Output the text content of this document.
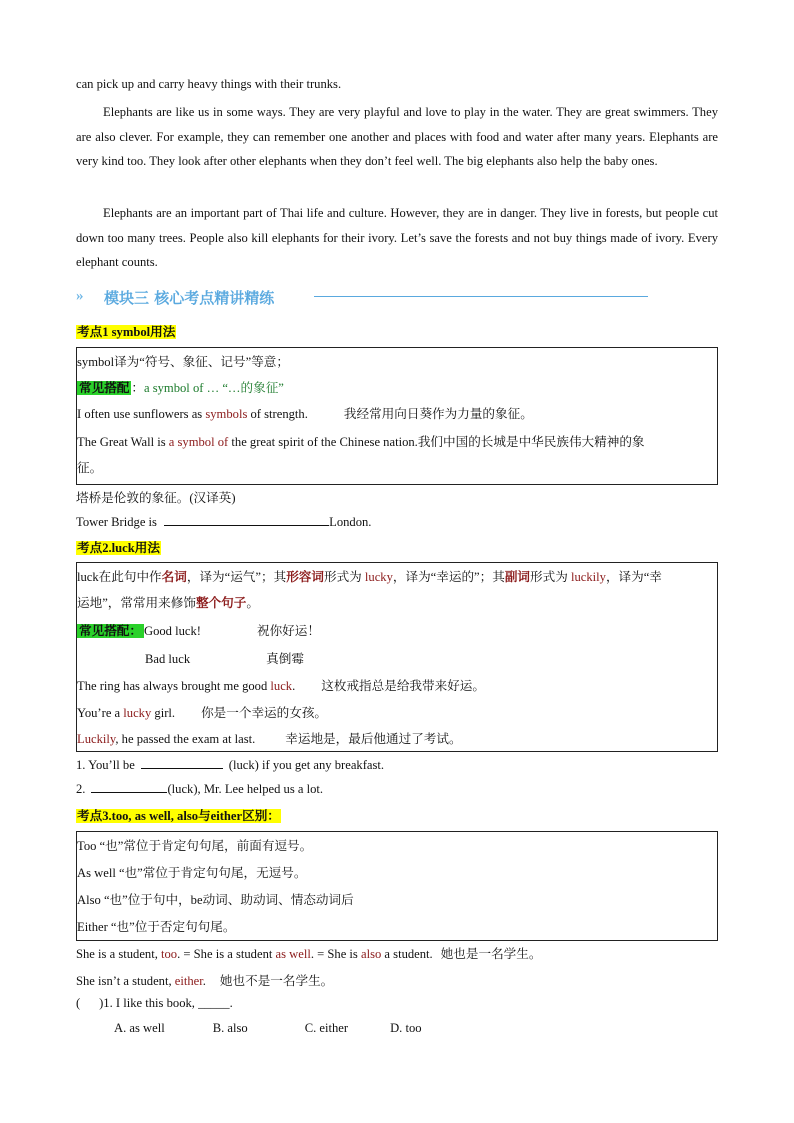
can pick up and carry heavy things with their trunks.

Elephants are like us in some ways. They are very playful and love to play in the water. They are great swimmers. They are also clever. For example, they can remember one another and places with food and water after many years. Elephants are very kind too. They look after other elephants when they don’t feel well. The big elephants also help the baby ones.

Elephants are an important part of Thai life and culture. However, they are in danger. They live in forests, but people cut down too many trees. People also kill elephants for their ivory. Let’s save the forests and not buy things made of ivory. Every elephant counts.

» 模块三 核心考点精讲精练

考点1 symbol用法

symbol译为“符号、象征、记号”等意；

常见搭配 ：a symbol of … “…的象征”

I often use sunflowers as symbols of strength.	我经常用向日葵作为力量的象征。

The Great Wall is a symbol of the great spirit of the Chinese nation.我们中国的长城是中华民族伟大精神的象

征。

塔桥是伦敦的象征。(汉译英)

Tower Bridge is	London.

考点2.luck用法

luck在此句中作名词，译为“运气”；其形容词形式为 lucky，译为“幸运的”；其副词形式为 luckily，译为“幸

运地”，常常用来修饰整个句子。

常见搭配： Good luck!	祝你好运！

Bad luck	真倒霉

The ring has always brought me good luck. 这枚戒指总是给我带来好运。

You’re a lucky girl. 你是一个幸运的女孩。

Luckily, he passed the exam at last. 幸运地是，最后他通过了考试。

1. You’ll be	(luck) if you get any breakfast.

2.	(luck), Mr. Lee helped us a lot.

考点3.too, as well, also与either区别：

Too “也”常位于肯定句句尾，前面有逗号。

As well “也”常位于肯定句句尾，无逗号。

Also “也”位于句中，be动词、助动词、情态动词后

Either “也”位于否定句句尾。

She is a student, too. = She is a student as well. = She is also a student. 她也是一名学生。

She isn’t a student, either. 她也不是一名学生。

(      )1. I like this book, _____.

A. as well	B. also	C. either	D. too
